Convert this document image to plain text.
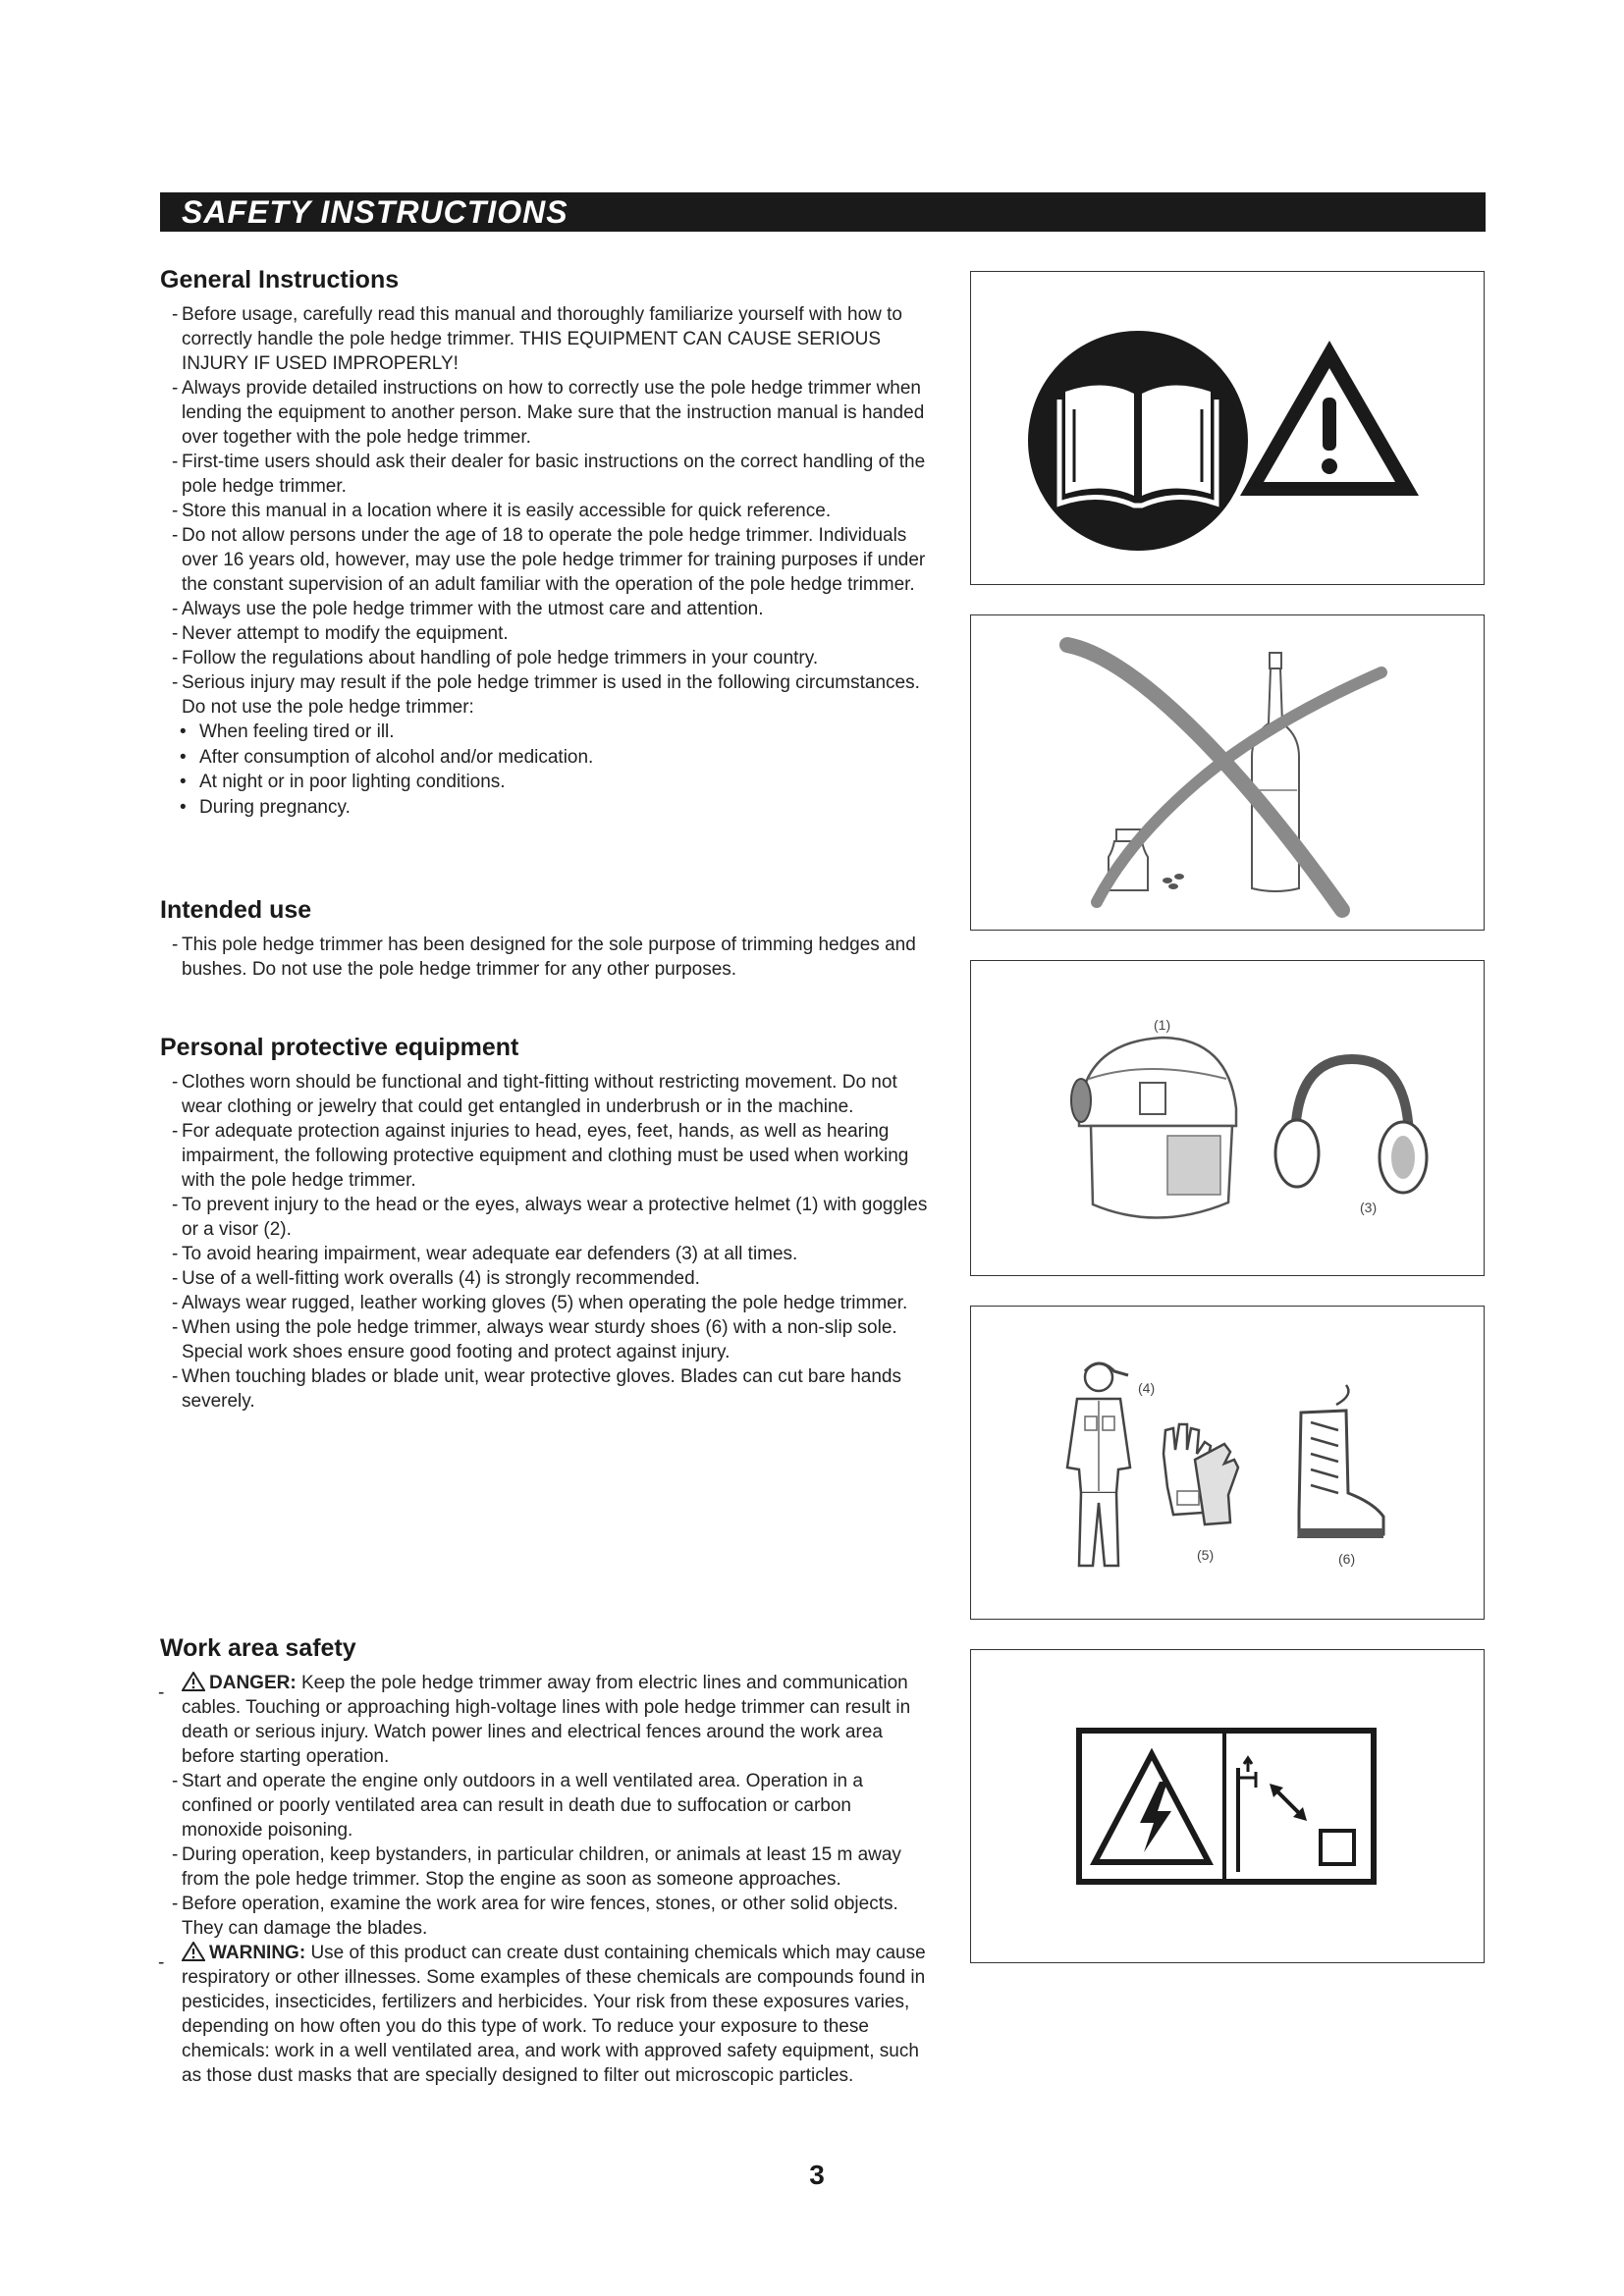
SAFETY INSTRUCTIONS
General Instructions
- Before usage, carefully read this manual and thoroughly familiarize yourself with how to correctly handle the pole hedge trimmer. THIS EQUIPMENT CAN CAUSE SERIOUS INJURY IF USED IMPROPERLY!
- Always provide detailed instructions on how to correctly use the pole hedge trimmer when lending the equipment to another person. Make sure that the instruction manual is handed over together with the pole hedge trimmer.
- First-time users should ask their dealer for basic instructions on the correct handling of the pole hedge trimmer.
- Store this manual in a location where it is easily accessible for quick reference.
- Do not allow persons under the age of 18 to operate the pole hedge trimmer. Individuals over 16 years old, however, may use the pole hedge trimmer for training purposes if under the constant supervision of an adult familiar with the operation of the pole hedge trimmer.
- Always use the pole hedge trimmer with the utmost care and attention.
- Never attempt to modify the equipment.
- Follow the regulations about handling of pole hedge trimmers in your country.
- Serious injury may result if the pole hedge trimmer is used in the following circumstances. Do not use the pole hedge trimmer:
• When feeling tired or ill.
• After consumption of alcohol and/or medication.
• At night or in poor lighting conditions.
• During pregnancy.
Intended use
- This pole hedge trimmer has been designed for the sole purpose of trimming hedges and bushes. Do not use the pole hedge trimmer for any other purposes.
Personal protective equipment
- Clothes worn should be functional and tight-fitting without restricting movement. Do not wear clothing or jewelry that could get entangled in underbrush or in the machine.
- For adequate protection against injuries to head, eyes, feet, hands, as well as hearing impairment, the following protective equipment and clothing must be used when working with the pole hedge trimmer.
- To prevent injury to the head or the eyes, always wear a protective helmet (1) with goggles or a visor (2).
- To avoid hearing impairment, wear adequate ear defenders (3) at all times.
- Use of a well-fitting work overalls (4) is strongly recommended.
- Always wear rugged, leather working gloves (5) when operating the pole hedge trimmer.
- When using the pole hedge trimmer, always wear sturdy shoes (6) with a non-slip sole. Special work shoes ensure good footing and protect against injury.
- When touching blades or blade unit, wear protective gloves. Blades can cut bare hands severely.
Work area safety
- DANGER: Keep the pole hedge trimmer away from electric lines and communication cables. Touching or approaching high-voltage lines with pole hedge trimmer can result in death or serious injury. Watch power lines and electrical fences around the work area before starting operation.
- Start and operate the engine only outdoors in a well ventilated area. Operation in a confined or poorly ventilated area can result in death due to suffocation or carbon monoxide poisoning.
- During operation, keep bystanders, in particular children, or animals at least 15 m away from the pole hedge trimmer. Stop the engine as soon as someone approaches.
- Before operation, examine the work area for wire fences, stones, or other solid objects. They can damage the blades.
- WARNING: Use of this product can create dust containing chemicals which may cause respiratory or other illnesses. Some examples of these chemicals are compounds found in pesticides, insecticides, fertilizers and herbicides. Your risk from these exposures varies, depending on how often you do this type of work. To reduce your exposure to these chemicals: work in a well ventilated area, and work with approved safety equipment, such as those dust masks that are specially designed to filter out microscopic particles.
(1)
(3)
(4)
(5)	(6)
3
